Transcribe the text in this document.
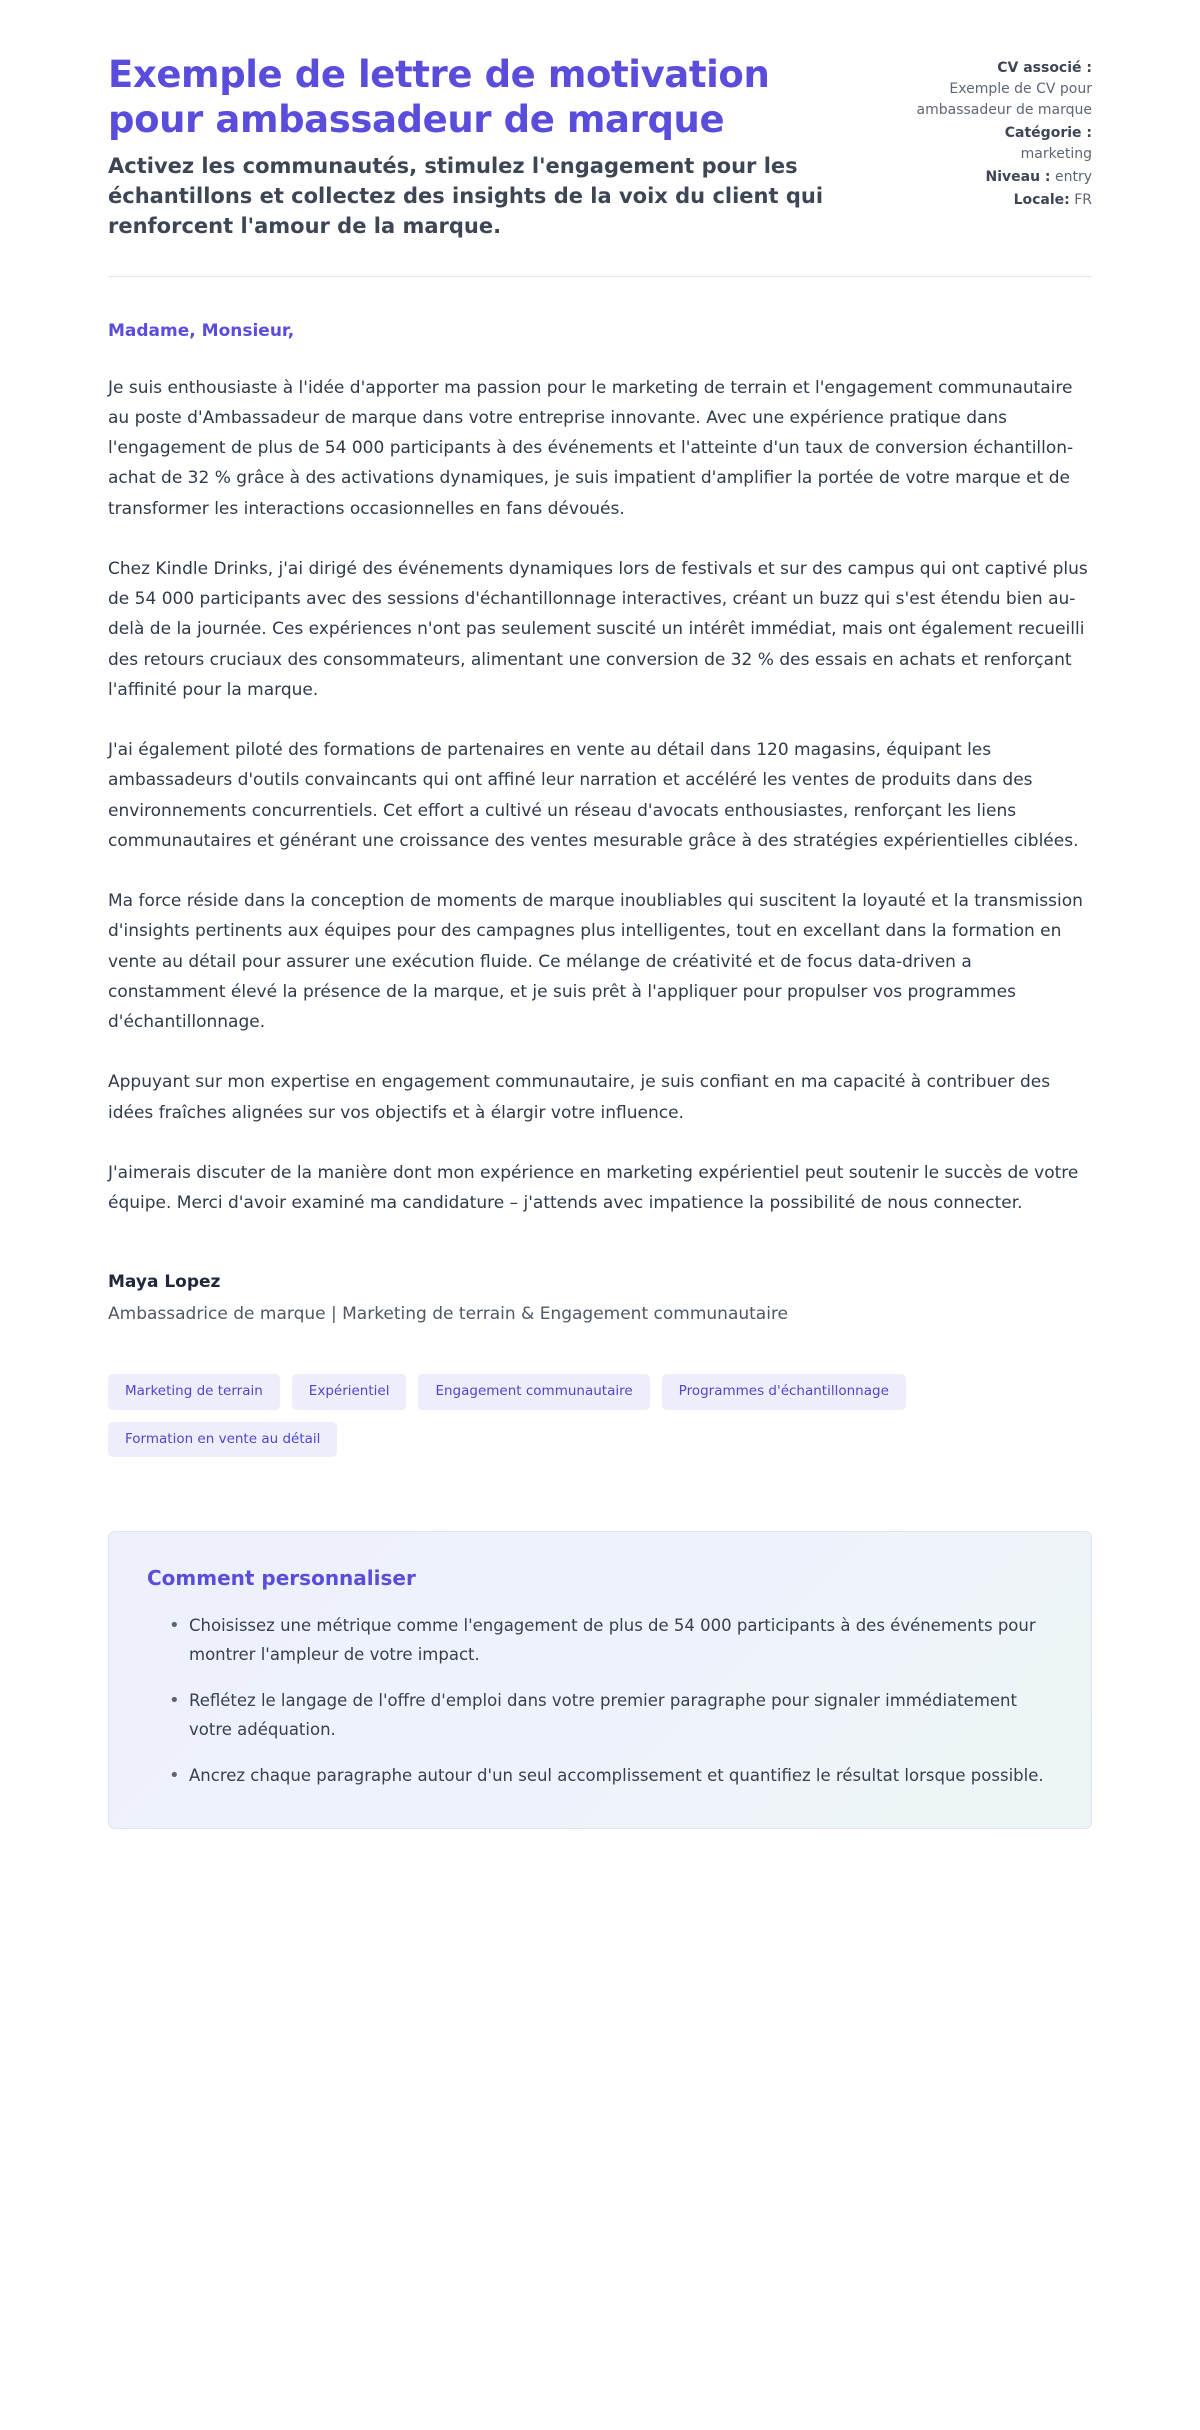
Exemple de lettre de motivation pour ambassadeur de marque

Activez les communautés, stimulez l'engagement pour les échantillons et collectez des insights de la voix du client qui renforcent l'amour de la marque.

CV associé :
Exemple de CV pour ambassadeur de marque
Catégorie :
marketing
Niveau : entry
Locale: FR

Madame, Monsieur,

Je suis enthousiaste à l'idée d'apporter ma passion pour le marketing de terrain et l'engagement communautaire au poste d'Ambassadeur de marque dans votre entreprise innovante. Avec une expérience pratique dans l'engagement de plus de 54 000 participants à des événements et l'atteinte d'un taux de conversion échantillon-achat de 32 % grâce à des activations dynamiques, je suis impatient d'amplifier la portée de votre marque et de transformer les interactions occasionnelles en fans dévoués.

Chez Kindle Drinks, j'ai dirigé des événements dynamiques lors de festivals et sur des campus qui ont captivé plus de 54 000 participants avec des sessions d'échantillonnage interactives, créant un buzz qui s'est étendu bien au-delà de la journée. Ces expériences n'ont pas seulement suscité un intérêt immédiat, mais ont également recueilli des retours cruciaux des consommateurs, alimentant une conversion de 32 % des essais en achats et renforçant l'affinité pour la marque.

J'ai également piloté des formations de partenaires en vente au détail dans 120 magasins, équipant les ambassadeurs d'outils convaincants qui ont affiné leur narration et accéléré les ventes de produits dans des environnements concurrentiels. Cet effort a cultivé un réseau d'avocats enthousiastes, renforçant les liens communautaires et générant une croissance des ventes mesurable grâce à des stratégies expérientielles ciblées.

Ma force réside dans la conception de moments de marque inoubliables qui suscitent la loyauté et la transmission d'insights pertinents aux équipes pour des campagnes plus intelligentes, tout en excellant dans la formation en vente au détail pour assurer une exécution fluide. Ce mélange de créativité et de focus data-driven a constamment élevé la présence de la marque, et je suis prêt à l'appliquer pour propulser vos programmes d'échantillonnage.

Appuyant sur mon expertise en engagement communautaire, je suis confiant en ma capacité à contribuer des idées fraîches alignées sur vos objectifs et à élargir votre influence.

J'aimerais discuter de la manière dont mon expérience en marketing expérientiel peut soutenir le succès de votre équipe. Merci d'avoir examiné ma candidature – j'attends avec impatience la possibilité de nous connecter.

Maya Lopez

Ambassadrice de marque | Marketing de terrain & Engagement communautaire

Marketing de terrain	Expérientiel	Engagement communautaire	Programmes d'échantillonnage
Formation en vente au détail
Comment personnaliser
• Choisissez une métrique comme l'engagement de plus de 54 000 participants à des événements pour montrer l'ampleur de votre impact.
• Reflétez le langage de l'offre d'emploi dans votre premier paragraphe pour signaler immédiatement votre adéquation.
• Ancrez chaque paragraphe autour d'un seul accomplissement et quantifiez le résultat lorsque possible.
